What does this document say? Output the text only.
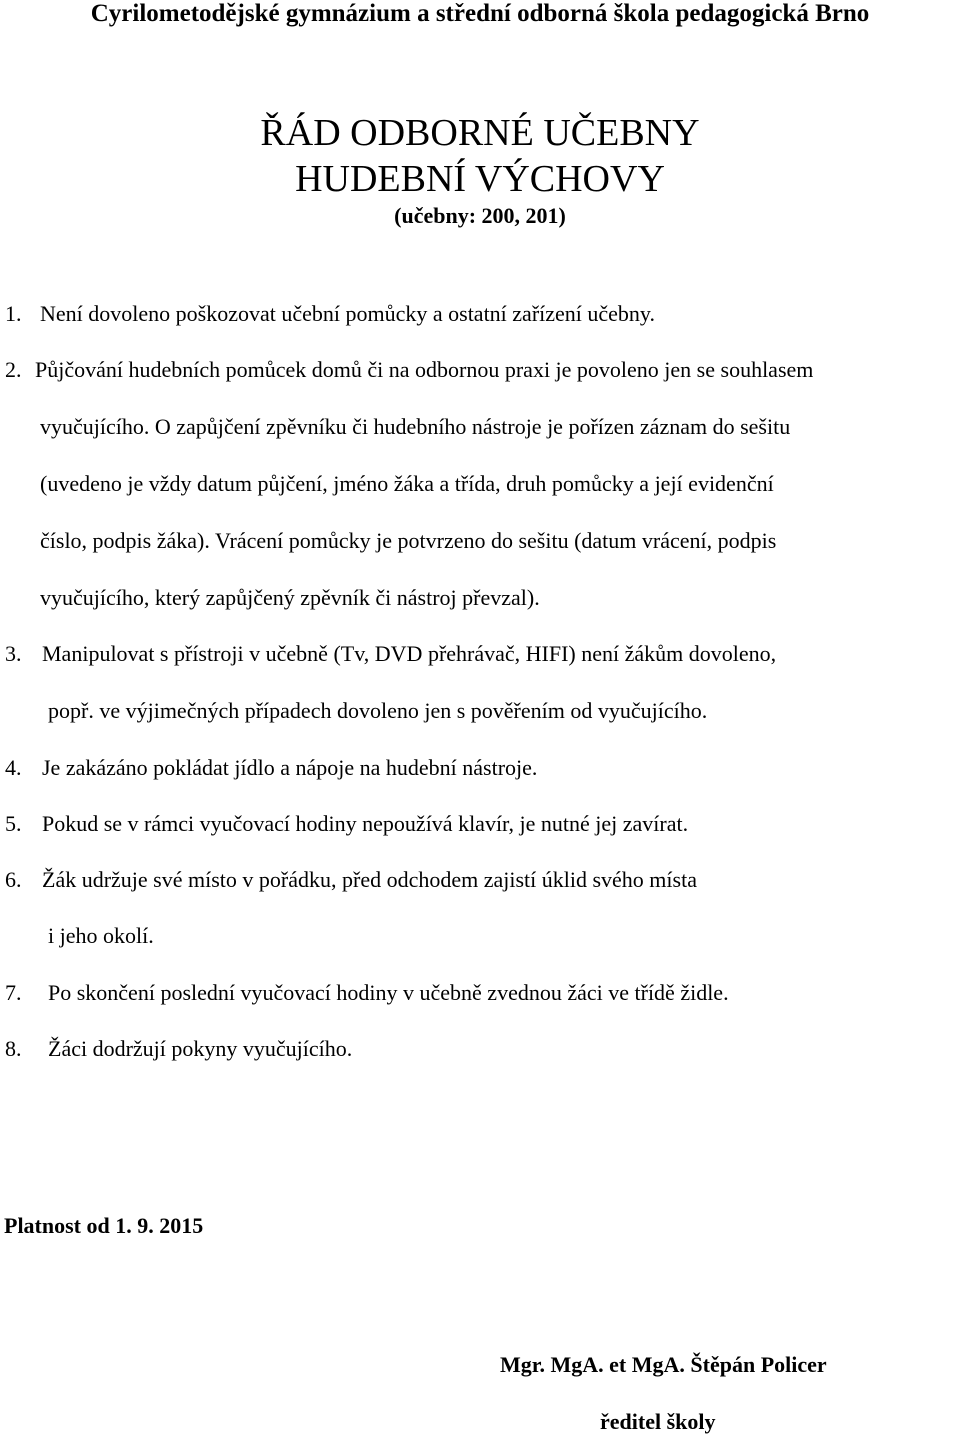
Cyrilometodějské gymnázium a střední odborná škola pedagogická Brno
ŘÁD ODBORNÉ UČEBNY
HUDEBNÍ VÝCHOVY
(učebny: 200, 201)
1. Není dovoleno poškozovat učební pomůcky a ostatní zařízení učebny.
2. Půjčování hudebních pomůcek domů či na odbornou praxi je povoleno jen se souhlasem
vyučujícího. O zapůjčení zpěvníku či hudebního nástroje je pořízen záznam do sešitu
(uvedeno je vždy datum půjčení, jméno žáka a třída, druh pomůcky a její evidenční
číslo, podpis žáka). Vrácení pomůcky je potvrzeno do sešitu (datum vrácení, podpis
vyučujícího, který zapůjčený zpěvník či nástroj převzal).
3. Manipulovat s přístroji v učebně (Tv, DVD přehrávač, HIFI) není žákům dovoleno,
popř. ve výjimečných případech dovoleno jen s pověřením od vyučujícího.
4. Je zakázáno pokládat jídlo a nápoje na hudební nástroje.
5. Pokud se v rámci vyučovací hodiny nepoužívá klavír, je nutné jej zavírat.
6. Žák udržuje své místo v pořádku, před odchodem zajistí úklid svého místa
i jeho okolí.
7. Po skončení poslední vyučovací hodiny v učebně zvednou žáci ve třídě židle.
8. Žáci dodržují pokyny vyučujícího.
Platnost od 1. 9. 2015
Mgr. MgA. et MgA. Štěpán Policer
ředitel školy
